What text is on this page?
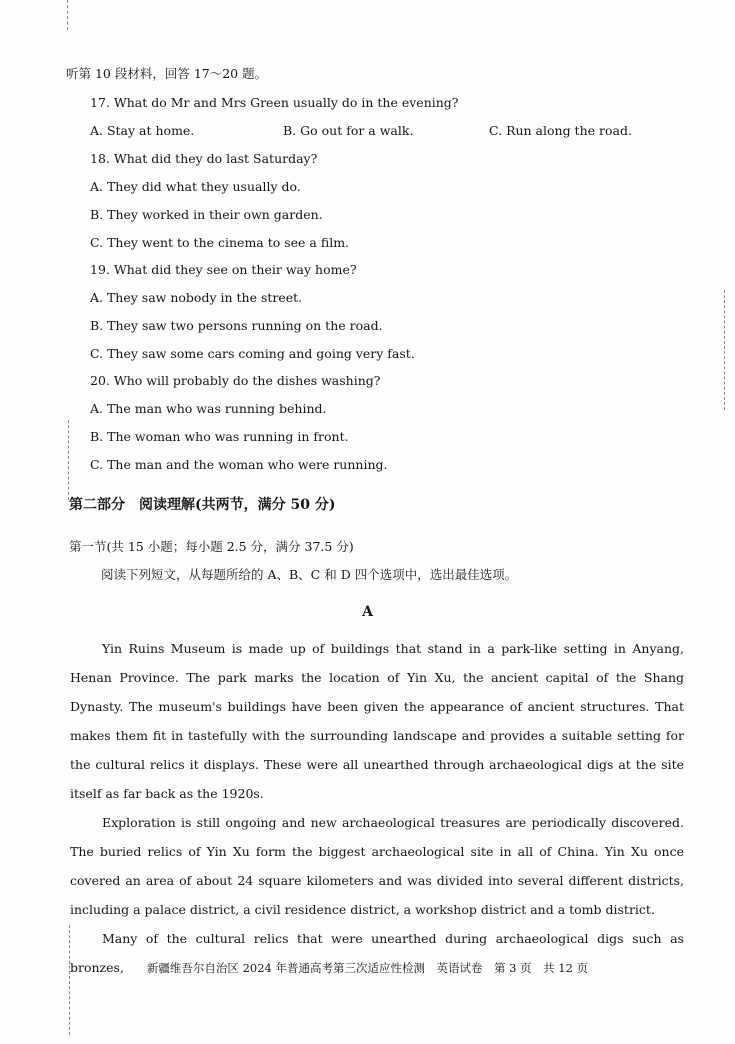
听第 10 段材料，回答 17～20 题。
17. What do Mr and Mrs Green usually do in the evening?
A. Stay at home.	B. Go out for a walk.	C. Run along the road.
18. What did they do last Saturday?
A. They did what they usually do.
B. They worked in their own garden.
C. They went to the cinema to see a film.
19. What did they see on their way home?
A. They saw nobody in the street.
B. They saw two persons running on the road.
C. They saw some cars coming and going very fast.
20. Who will probably do the dishes washing?
A. The man who was running behind.
B. The woman who was running in front.
C. The man and the woman who were running.
第二部分　阅读理解(共两节，满分 50 分)
第一节(共 15 小题；每小题 2.5 分，满分 37.5 分)
阅读下列短文，从每题所给的 A、B、C 和 D 四个选项中，选出最佳选项。
A

Yin Ruins Museum is made up of buildings that stand in a park-like setting in Anyang, Henan Province. The park marks the location of Yin Xu, the ancient capital of the Shang Dynasty. The museum's buildings have been given the appearance of ancient structures. That makes them fit in tastefully with the surrounding landscape and provides a suitable setting for the cultural relics it displays. These were all unearthed through archaeological digs at the site itself as far back as the 1920s.

Exploration is still ongoing and new archaeological treasures are periodically discovered. The buried relics of Yin Xu form the biggest archaeological site in all of China. Yin Xu once covered an area of about 24 square kilometers and was divided into several different districts, including a palace district, a civil residence district, a workshop district and a tomb district.

Many of the cultural relics that were unearthed during archaeological digs such as bronzes,	新疆维吾尔自治区 2024 年普通高考第三次适应性检测　英语试卷　第 3 页　共 12 页
